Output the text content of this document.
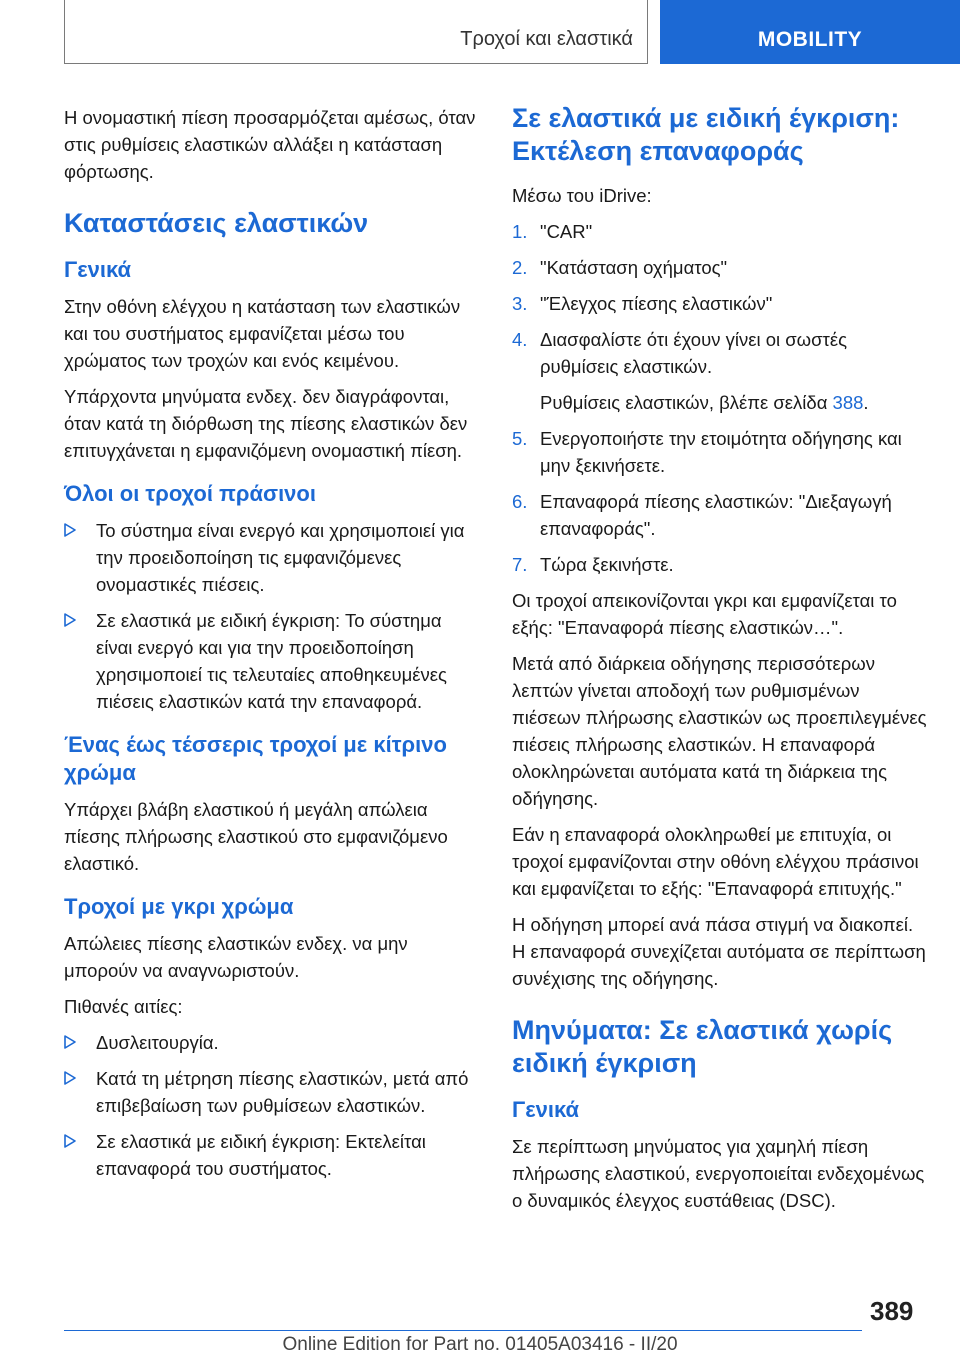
Τροχοί και ελαστικά	MOBILITY

Η ονομαστική πίεση προσαρμόζεται αμέσως, όταν στις ρυθμίσεις ελαστικών αλλάξει η κατάσταση φόρτωσης.

Καταστάσεις ελαστικών
Γενικά

Στην οθόνη ελέγχου η κατάσταση των ελαστικών και του συστήματος εμφανίζεται μέσω του χρώματος των τροχών και ενός κειμένου.

Υπάρχοντα μηνύματα ενδεχ. δεν διαγράφονται, όταν κατά τη διόρθωση της πίεσης ελαστικών δεν επιτυγχάνεται η εμφανιζόμενη ονομαστική πίεση.

Όλοι οι τροχοί πράσινοι
Το σύστημα είναι ενεργό και χρησιμοποιεί για την προειδοποίηση τις εμφανιζόμενες ονομαστικές πιέσεις.
Σε ελαστικά με ειδική έγκριση: Το σύστημα είναι ενεργό και για την προειδοποίηση χρησιμοποιεί τις τελευταίες αποθηκευμένες πιέσεις ελαστικών κατά την επαναφορά.
Ένας έως τέσσερις τροχοί με κίτρινο χρώμα

Υπάρχει βλάβη ελαστικού ή μεγάλη απώλεια πίεσης πλήρωσης ελαστικού στο εμφανιζόμενο ελαστικό.

Τροχοί με γκρι χρώμα

Απώλειες πίεσης ελαστικών ενδεχ. να μην μπορούν να αναγνωριστούν.

Πιθανές αιτίες:

Δυσλειτουργία.
Κατά τη μέτρηση πίεσης ελαστικών, μετά από επιβεβαίωση των ρυθμίσεων ελαστικών.
Σε ελαστικά με ειδική έγκριση: Εκτελείται επαναφορά του συστήματος.
Σε ελαστικά με ειδική έγκριση: Εκτέλεση επαναφοράς

Μέσω του iDrive:

1. "CAR"
2. "Κατάσταση οχήματος"
3. "Έλεγχος πίεσης ελαστικών"
4. Διασφαλίστε ότι έχουν γίνει οι σωστές ρυθμίσεις ελαστικών.
Ρυθμίσεις ελαστικών, βλέπε σελίδα 388.
5. Ενεργοποιήστε την ετοιμότητα οδήγησης και μην ξεκινήσετε.
6. Επαναφορά πίεσης ελαστικών: "Διεξαγωγή επαναφοράς".
7. Τώρα ξεκινήστε.

Οι τροχοί απεικονίζονται γκρι και εμφανίζεται το εξής: "Επαναφορά πίεσης ελαστικών…".

Μετά από διάρκεια οδήγησης περισσότερων λεπτών γίνεται αποδοχή των ρυθμισμένων πιέσεων πλήρωσης ελαστικών ως προεπιλεγμένες πιέσεις πλήρωσης ελαστικών. Η επαναφορά ολοκληρώνεται αυτόματα κατά τη διάρκεια της οδήγησης.

Εάν η επαναφορά ολοκληρωθεί με επιτυχία, οι τροχοί εμφανίζονται στην οθόνη ελέγχου πράσινοι και εμφανίζεται το εξής: "Επαναφορά επιτυχής."

Η οδήγηση μπορεί ανά πάσα στιγμή να διακοπεί. Η επαναφορά συνεχίζεται αυτόματα σε περίπτωση συνέχισης της οδήγησης.

Μηνύματα: Σε ελαστικά χωρίς ειδική έγκριση
Γενικά

Σε περίπτωση μηνύματος για χαμηλή πίεση πλήρωσης ελαστικού, ενεργοποιείται ενδεχομένως ο δυναμικός έλεγχος ευστάθειας (DSC).

389
Online Edition for Part no. 01405A03416 - II/20
